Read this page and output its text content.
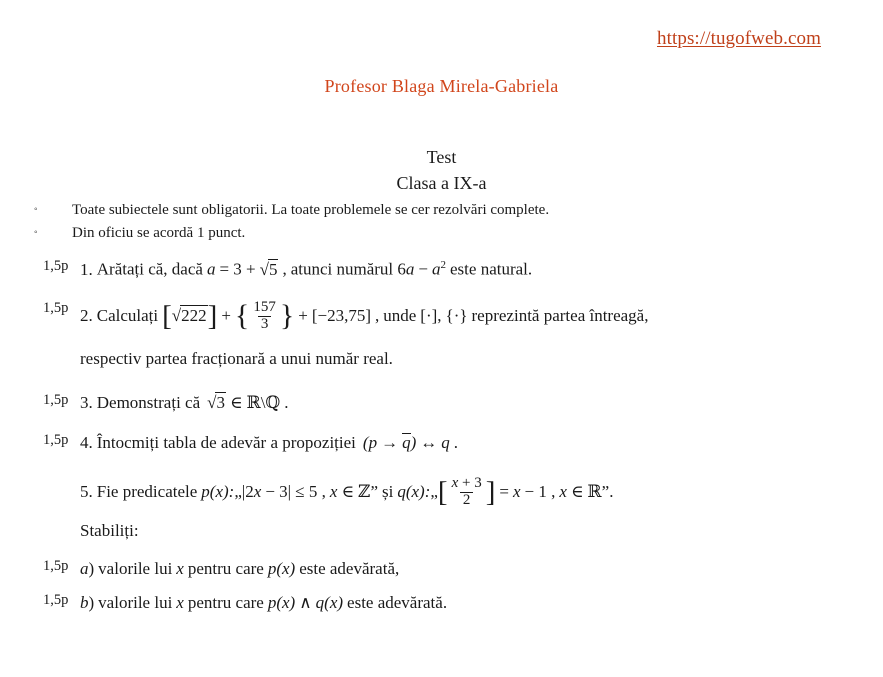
https://tugofweb.com
Profesor Blaga Mirela-Gabriela
Test
Clasa a IX-a
◦	Toate subiectele sunt obligatorii. La toate problemele se cer rezolvări complete.
◦	Din oficiu se acordă 1 punct.
1,5p 1. Arătați că, dacă a = 3 + √5 , atunci numărul $6a - a^2$ este natural.
1,5p 2. Calculați [√222] + { $\frac{157}{3}$ } + [−23,75] , unde [·], {·} reprezintă partea întreagă,
respectiv partea fracționară a unui număr real.
1,5p 3. Demonstrați că √3 ∈ ℝ\ℚ .
1,5p 4. Întocmiți tabla de adevăr a propoziției (p → q) ↔ q .
5. Fie predicatele p(x):„|2x − 3| ≤ 5 , x ∈ ℤ” și q(x):„[ $\frac{x + 3}{2}$ ] = x − 1 , x ∈ ℝ”.
Stabiliți:
1,5p a) valorile lui x pentru care p(x) este adevărată,
1,5p b) valorile lui x pentru care p(x) ∧ q(x) este adevărată.
